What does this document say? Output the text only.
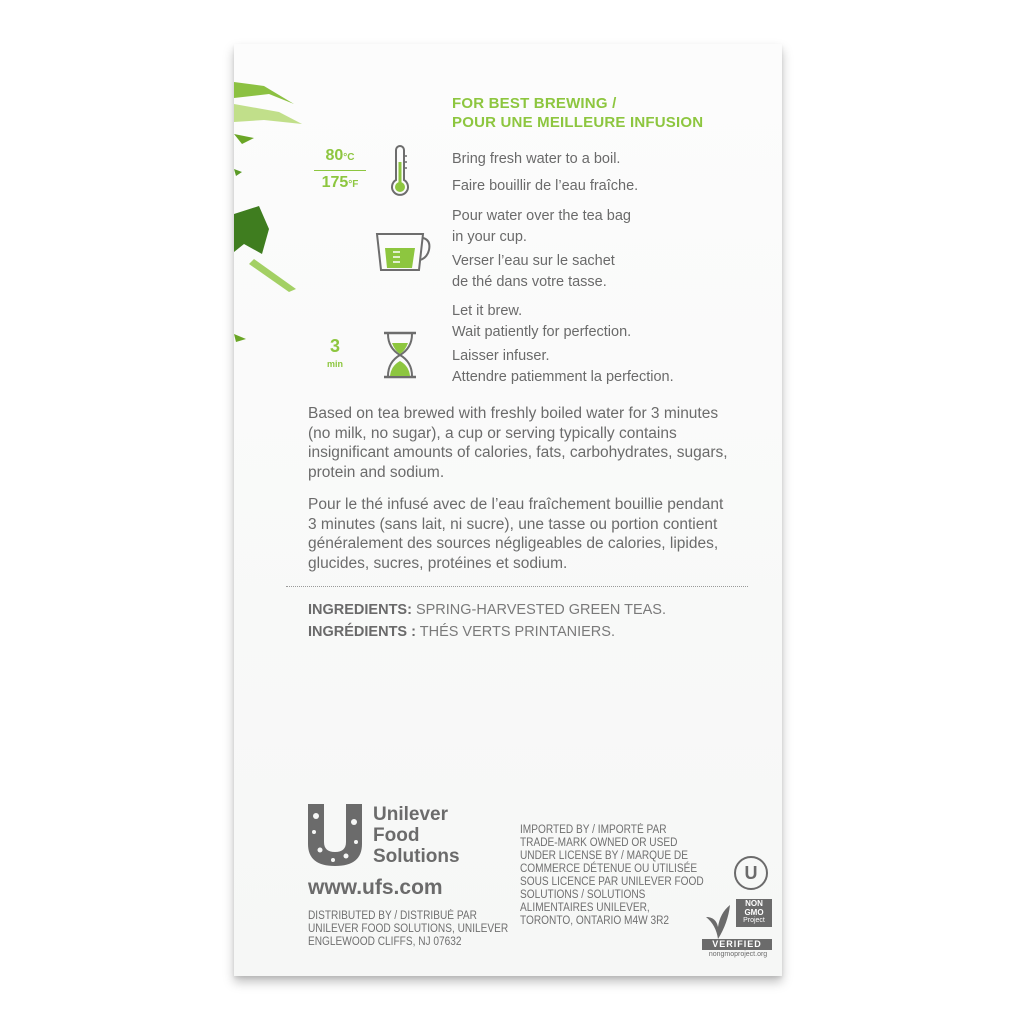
FOR BEST BREWING /
POUR UNE MEILLEURE INFUSION
80°C
175°F
Bring fresh water to a boil.
Faire bouillir de l’eau fraîche.
Pour water over the tea bag
in your cup.
Verser l’eau sur le sachet
de thé dans votre tasse.
3
min
Let it brew.
Wait patiently for perfection.
Laisser infuser.
Attendre patiemment la perfection.
Based on tea brewed with freshly boiled water for 3 minutes
(no milk, no sugar), a cup or serving typically contains
insignificant amounts of calories, fats, carbohydrates, sugars,
protein and sodium.
Pour le thé infusé avec de l’eau fraîchement bouillie pendant
3 minutes (sans lait, ni sucre), une tasse ou portion contient
généralement des sources négligeables de calories, lipides,
glucides, sucres, protéines et sodium.
INGREDIENTS: SPRING-HARVESTED GREEN TEAS.
INGRÉDIENTS : THÉS VERTS PRINTANIERS.
Unilever
Food
Solutions
www.ufs.com
DISTRIBUTED BY / DISTRIBUÉ PAR
UNILEVER FOOD SOLUTIONS, UNILEVER
ENGLEWOOD CLIFFS, NJ 07632
IMPORTED BY / IMPORTÉ PAR
TRADE-MARK OWNED OR USED
UNDER LICENSE BY / MARQUE DE
COMMERCE DÉTENUE OU UTILISÉE
SOUS LICENCE PAR UNILEVER FOOD
SOLUTIONS / SOLUTIONS
ALIMENTAIRES UNILEVER,
TORONTO, ONTARIO M4W 3R2
U
NON
GMO
Project
VERIFIED
nongmoproject.org
